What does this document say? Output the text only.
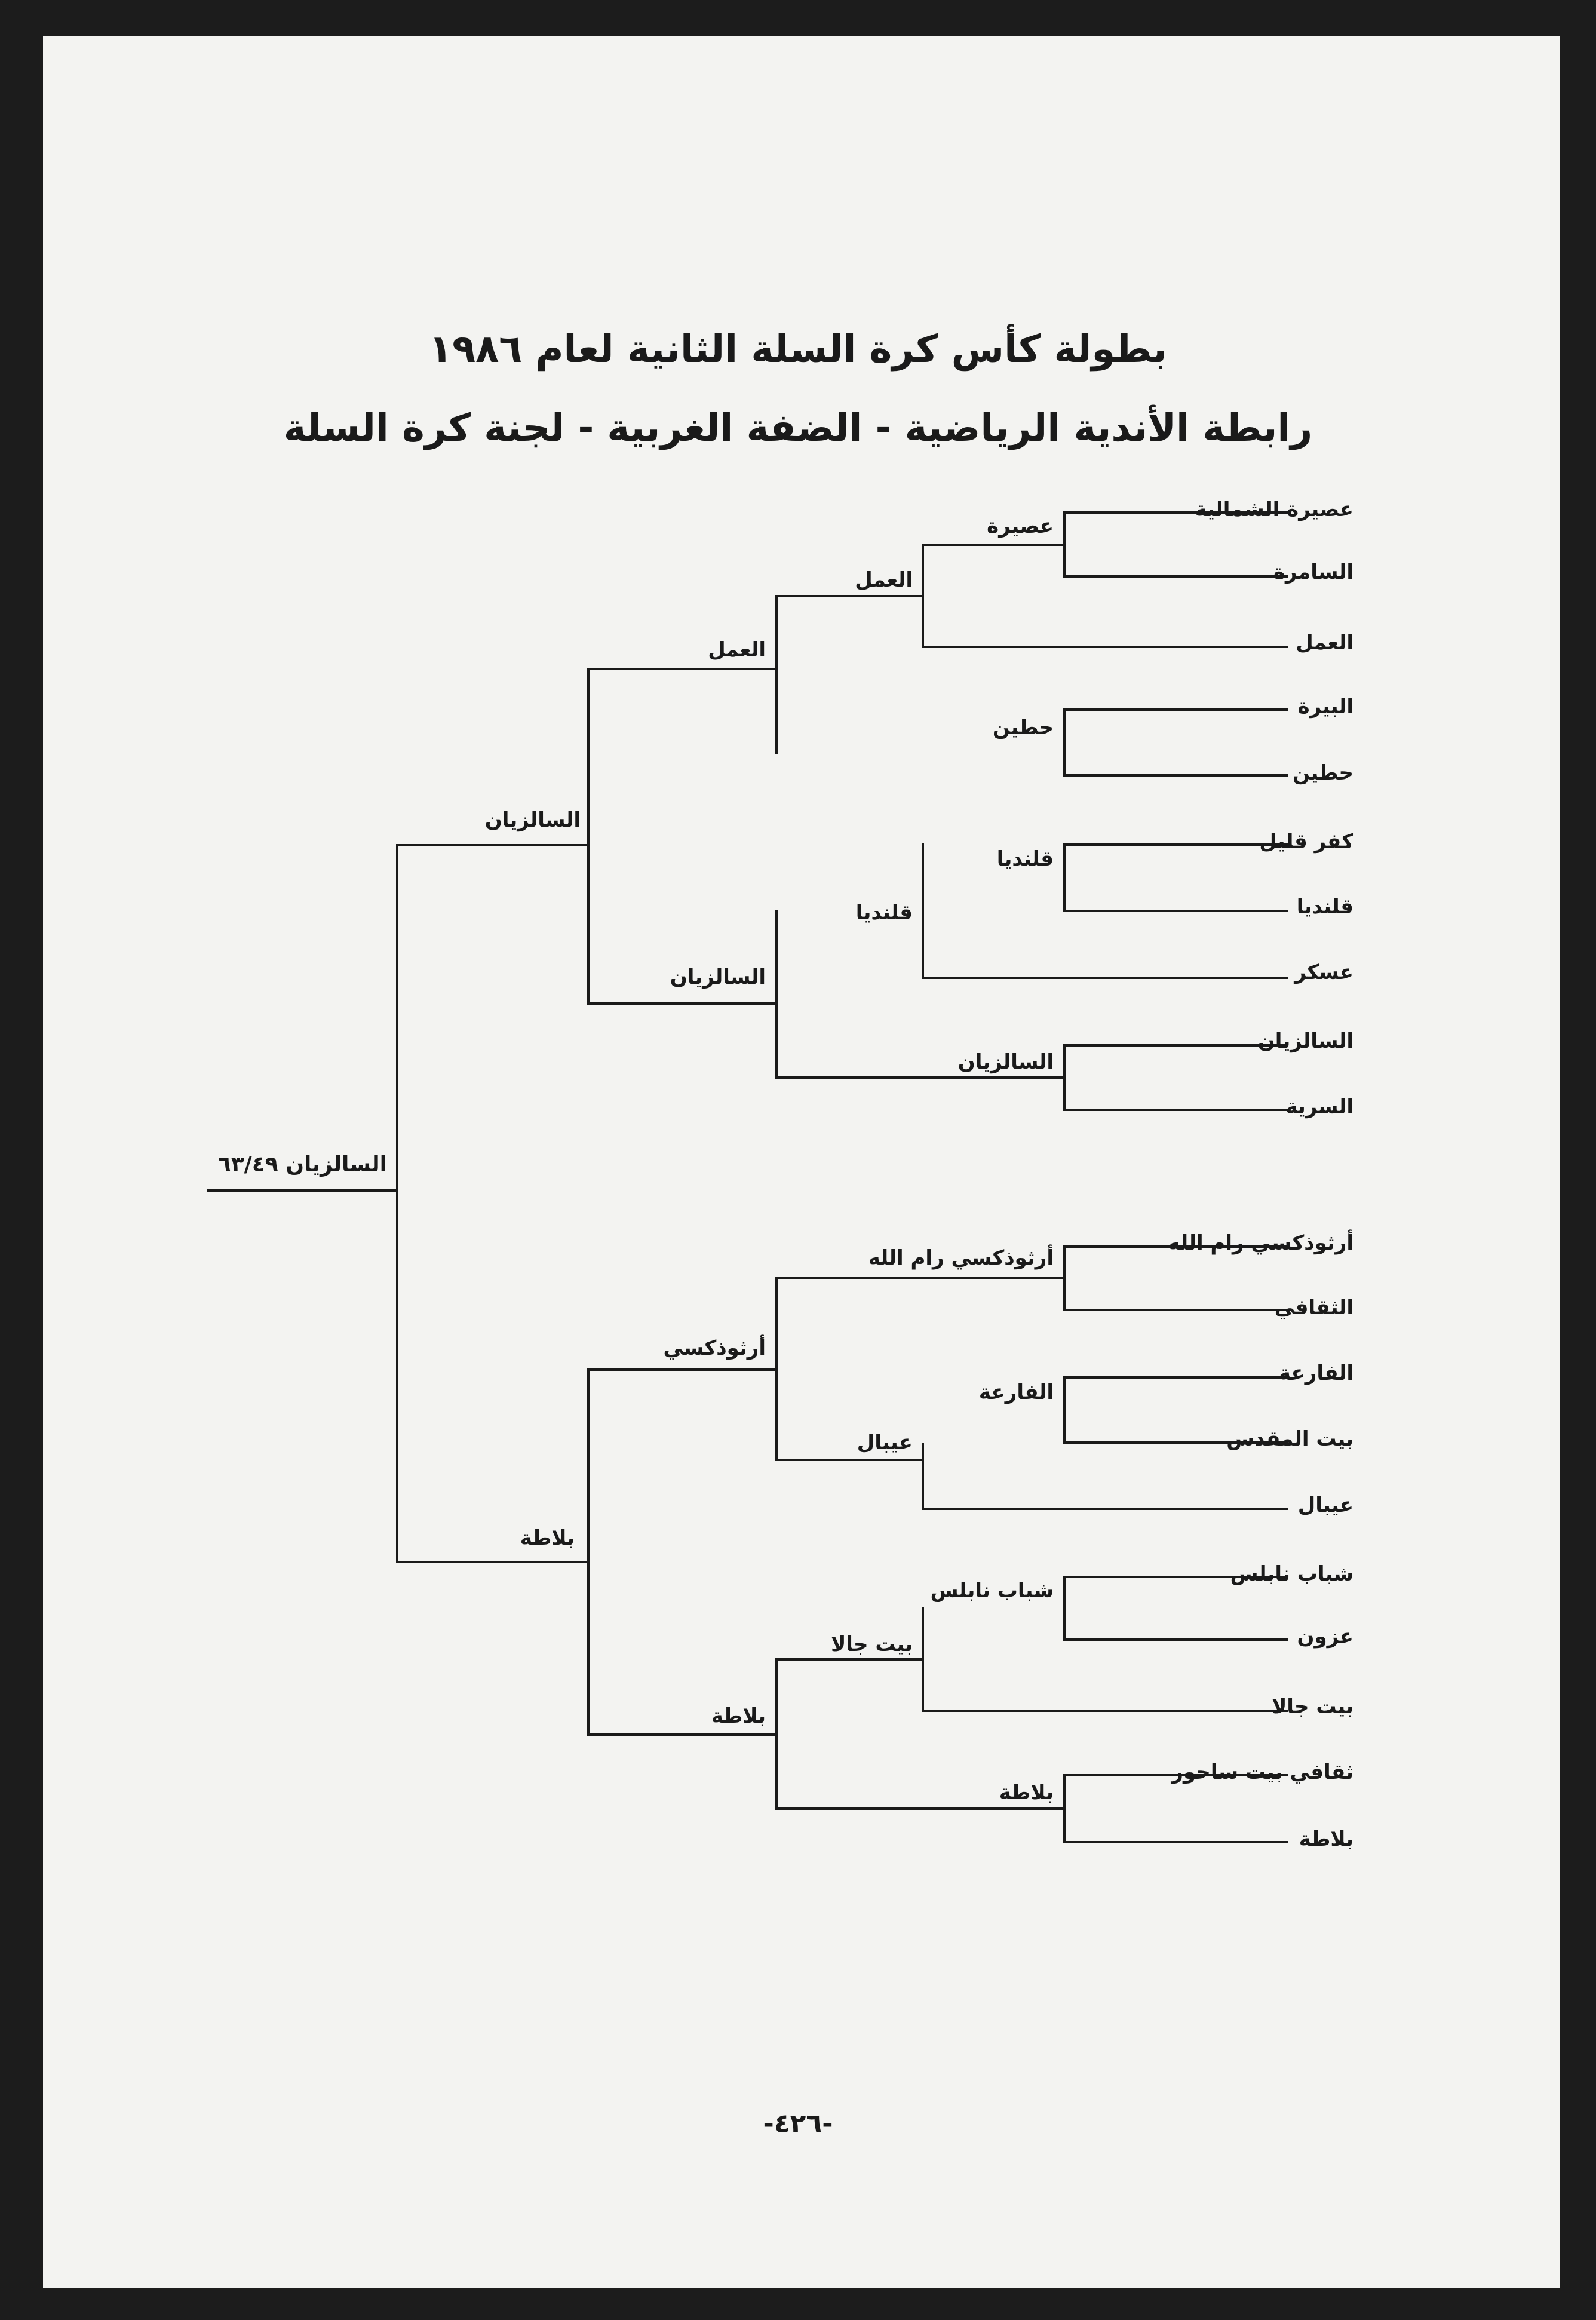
بطولة كأس كرة السلة الثانية لعام ١٩٨٦
رابطة الأندية الرياضية - الضفة الغربية - لجنة كرة السلة
عصيرة الشمالية
السامرة
العمل
البيرة
حطين
كفر قليل
قلنديا
عسكر
السالزيان
السرية
أرثوذكسي رام الله
الثقافي
الفارعة
بيت المقدس
عيبال
شباب نابلس
عزون
بيت جالا
ثقافي بيت ساحور
بلاطة
عصيرة
حطين
قلنديا
السالزيان
أرثوذكسي رام الله
الفارعة
شباب نابلس
بلاطة
العمل
قلنديا
عيبال
بيت جالا
العمل
السالزيان
أرثوذكسي
بلاطة
السالزيان
بلاطة
السالزيان ٦٣/٤٩
-٤٢٦-
